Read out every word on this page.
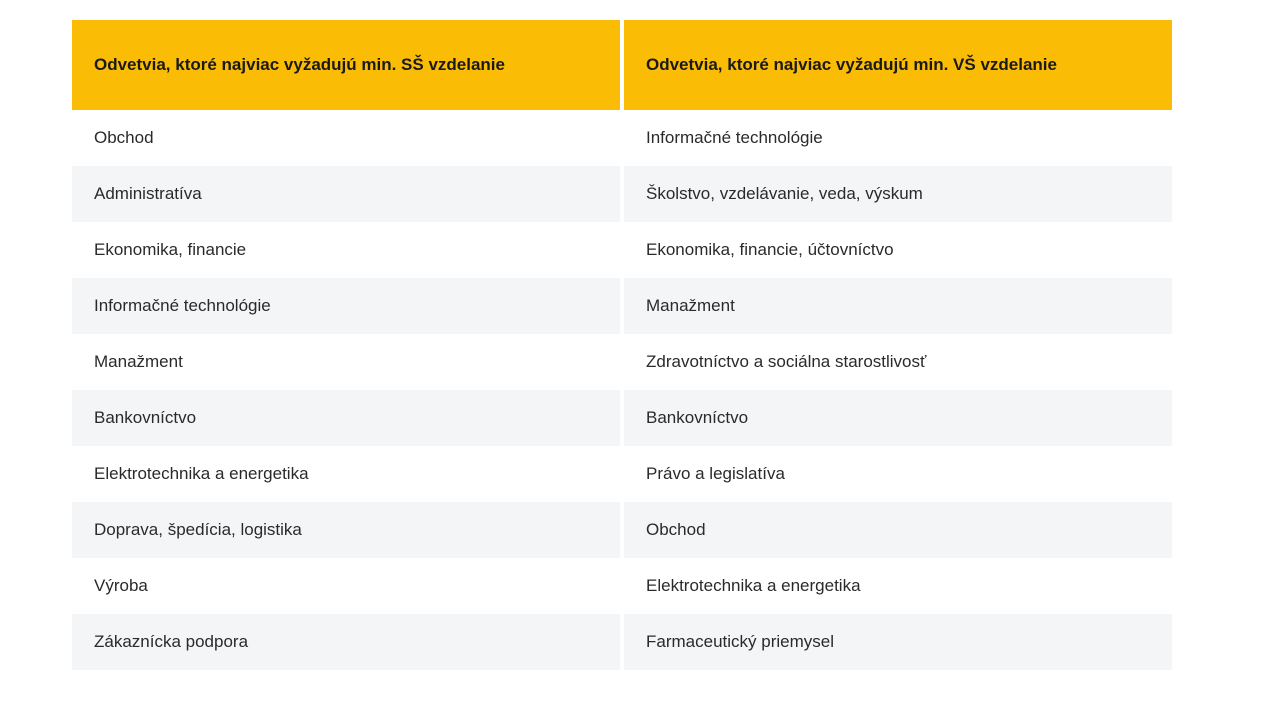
Odvetvia, ktoré najviac vyžadujú min. SŠ vzdelanie	Odvetvia, ktoré najviac vyžadujú min. VŠ vzdelanie
Obchod	Informačné technológie
Administratíva	Školstvo, vzdelávanie, veda, výskum
Ekonomika, financie	Ekonomika, financie, účtovníctvo
Informačné technológie	Manažment
Manažment	Zdravotníctvo a sociálna starostlivosť
Bankovníctvo	Bankovníctvo
Elektrotechnika a energetika	Právo a legislatíva
Doprava, špedícia, logistika	Obchod
Výroba	Elektrotechnika a energetika
Zákaznícka podpora	Farmaceutický priemysel
